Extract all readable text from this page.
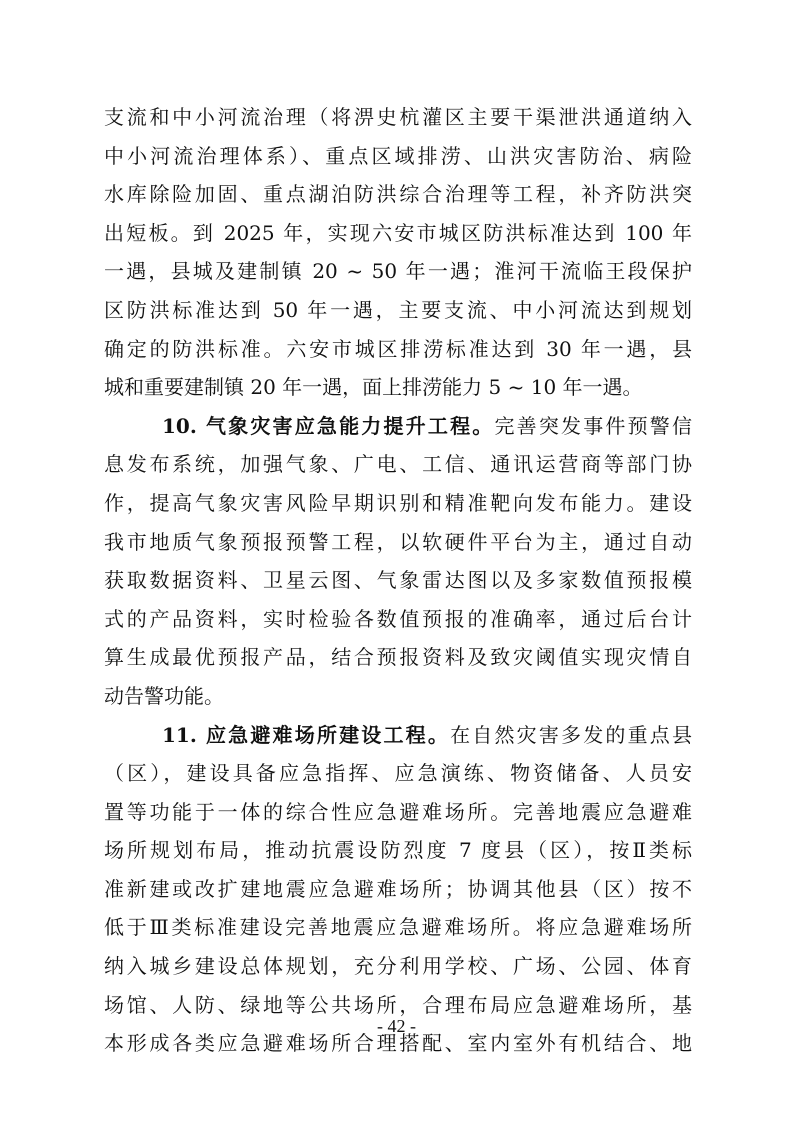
支流和中小河流治理（将淠史杭灌区主要干渠泄洪通道纳入
中小河流治理体系）、重点区域排涝、山洪灾害防治、病险
水库除险加固、重点湖泊防洪综合治理等工程，补齐防洪突
出短板。到 2025 年，实现六安市城区防洪标准达到 100 年
一遇，县城及建制镇 20 ~ 50 年一遇；淮河干流临王段保护
区防洪标准达到 50 年一遇，主要支流、中小河流达到规划
确定的防洪标准。六安市城区排涝标准达到 30 年一遇，县
城和重要建制镇 20 年一遇，面上排涝能力 5 ~ 10 年一遇。
10. 气象灾害应急能力提升工程。完善突发事件预警信
息发布系统，加强气象、广电、工信、通讯运营商等部门协
作，提高气象灾害风险早期识别和精准靶向发布能力。建设
我市地质气象预报预警工程，以软硬件平台为主，通过自动
获取数据资料、卫星云图、气象雷达图以及多家数值预报模
式的产品资料，实时检验各数值预报的准确率，通过后台计
算生成最优预报产品，结合预报资料及致灾阈值实现灾情自
动告警功能。
11. 应急避难场所建设工程。在自然灾害多发的重点县
（区），建设具备应急指挥、应急演练、物资储备、人员安
置等功能于一体的综合性应急避难场所。完善地震应急避难
场所规划布局，推动抗震设防烈度 7 度县（区），按Ⅱ类标
准新建或改扩建地震应急避难场所；协调其他县（区）按不
低于Ⅲ类标准建设完善地震应急避难场所。将应急避难场所
纳入城乡建设总体规划，充分利用学校、广场、公园、体育
场馆、人防、绿地等公共场所，合理布局应急避难场所，基
本形成各类应急避难场所合理搭配、室内室外有机结合、地
- 42 -
